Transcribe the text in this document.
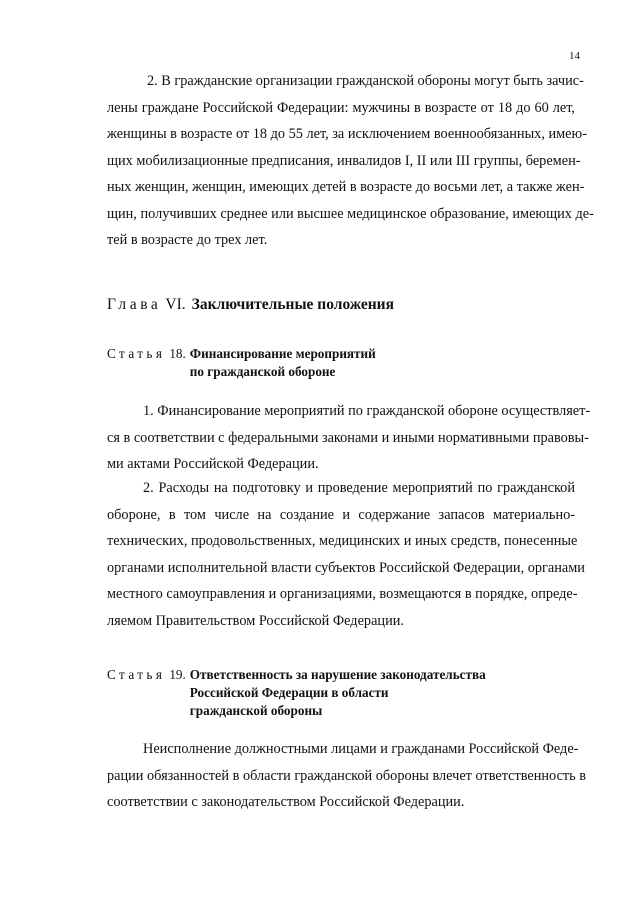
14
2. В гражданские организации гражданской обороны могут быть зачис-
лены граждане Российской Федерации: мужчины в возрасте от 18 до 60 лет,
женщины в возрасте от 18 до 55 лет, за исключением военнообязанных, имею-
щих мобилизационные предписания, инвалидов I, II или III группы, беремен-
ных женщин, женщин, имеющих детей в возрасте до восьми лет, а также жен-
щин, получивших среднее или высшее медицинское образование, имеющих де-
тей в возрасте до трех лет.
Глава VI. Заключительные положения
Статья 18. Финансирование мероприятий
по гражданской обороне
1. Финансирование мероприятий по гражданской обороне осуществляет-
ся в соответствии с федеральными законами и иными нормативными правовы-
ми актами Российской Федерации.
2. Расходы на подготовку и проведение мероприятий по гражданской
обороне, в том числе на создание и содержание запасов материально-
технических, продовольственных, медицинских и иных средств, понесенные
органами исполнительной власти субъектов Российской Федерации, органами
местного самоуправления и организациями, возмещаются в порядке, опреде-
ляемом Правительством Российской Федерации.
Статья 19. Ответственность за нарушение законодательства
Российской Федерации в области
гражданской обороны
Неисполнение должностными лицами и гражданами Российской Феде-
рации обязанностей в области гражданской обороны влечет ответственность в
соответствии с законодательством Российской Федерации.
